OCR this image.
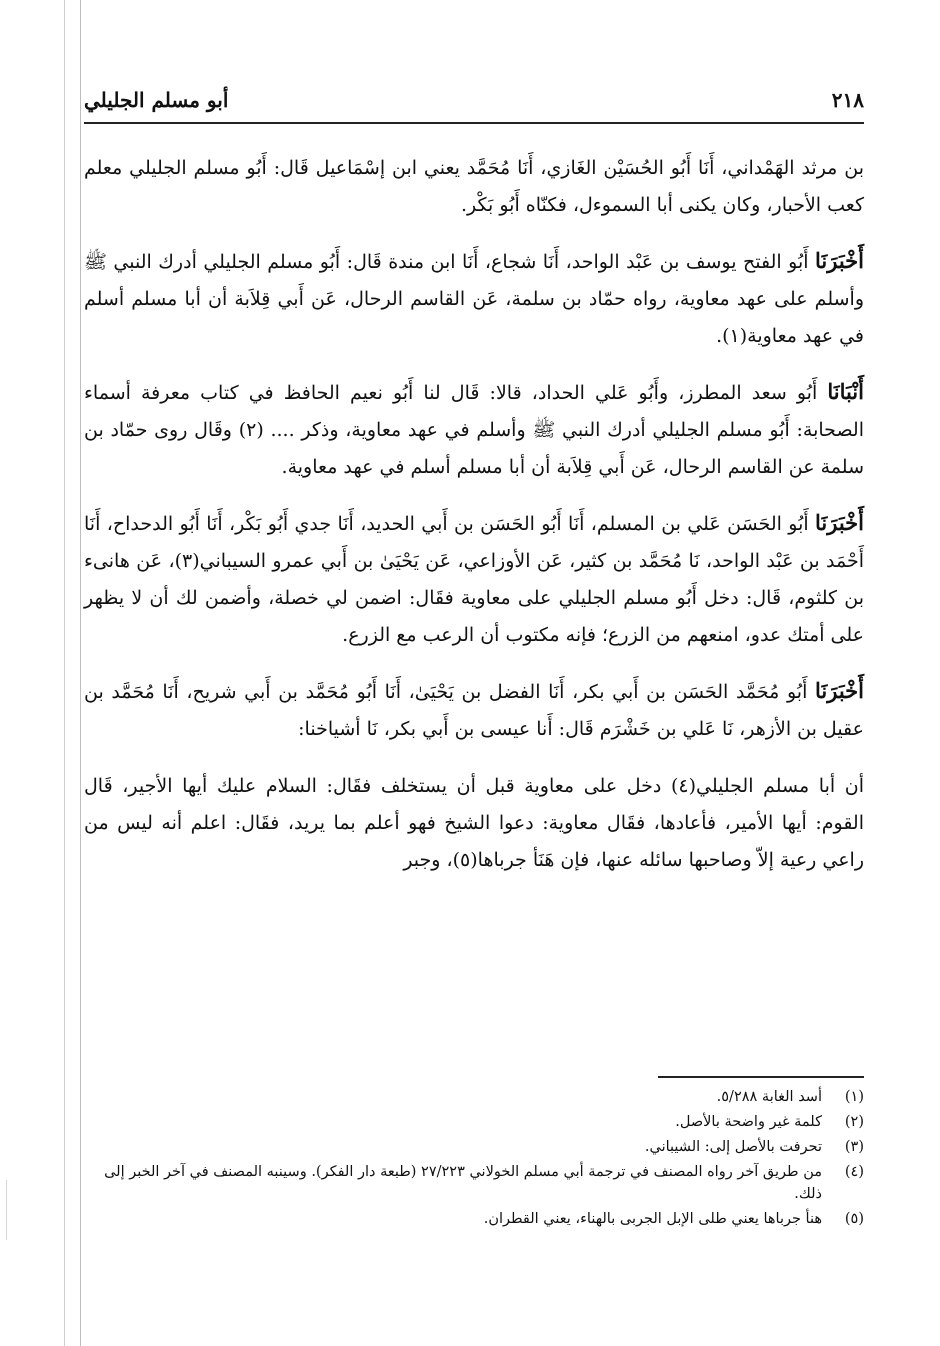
٢١٨
أبو مسلم الجليلي

بن مرثد الهَمْداني، أَنَا أَبُو الحُسَيْن الغَازي، أَنَا مُحَمَّد يعني ابن إسْمَاعيل قَال: أَبُو مسلم الجليلي معلم كعب الأحبار، وكان يكنى أبا السموءل، فكنّاه أَبُو بَكْر.

أَخْبَرَنَا أَبُو الفتح يوسف بن عَبْد الواحد، أَنَا شجاع، أَنَا ابن مندة قَال: أَبُو مسلم الجليلي أدرك النبي ﷺ وأسلم على عهد معاوية، رواه حمّاد بن سلمة، عَن القاسم الرحال، عَن أَبي قِلاَبة أن أبا مسلم أسلم في عهد معاوية(١).

أَنْبَانَا أَبُو سعد المطرز، وأَبُو عَلي الحداد، قالا: قَال لنا أَبُو نعيم الحافظ في كتاب معرفة أسماء الصحابة: أَبُو مسلم الجليلي أدرك النبي ﷺ وأسلم في عهد معاوية، وذكر .... (٢) وقَال روى حمّاد بن سلمة عن القاسم الرحال، عَن أَبي قِلاَبة أن أبا مسلم أسلم في عهد معاوية.

أَخْبَرَنَا أَبُو الحَسَن عَلي بن المسلم، أَنَا أَبُو الحَسَن بن أَبي الحديد، أَنَا جدي أَبُو بَكْر، أَنَا أَبُو الدحداح، أَنَا أَحْمَد بن عَبْد الواحد، نَا مُحَمَّد بن كثير، عَن الأوزاعي، عَن يَحْيَىٰ بن أَبي عمرو السيباني(٣)، عَن هانىء بن كلثوم، قَال: دخل أَبُو مسلم الجليلي على معاوية فقَال: اضمن لي خصلة، وأضمن لك أن لا يظهر على أمتك عدو، امنعهم من الزرع؛ فإنه مكتوب أن الرعب مع الزرع.

أَخْبَرَنَا أَبُو مُحَمَّد الحَسَن بن أَبي بكر، أَنَا الفضل بن يَحْيَىٰ، أَنَا أَبُو مُحَمَّد بن أَبي شريح، أَنَا مُحَمَّد بن عقيل بن الأزهر، نَا عَلي بن خَشْرَم قَال: أَنا عيسى بن أَبي بكر، نَا أشياخنا:

أن أبا مسلم الجليلي(٤) دخل على معاوية قبل أن يستخلف فقَال: السلام عليك أيها الأجير، قَال القوم: أيها الأمير، فأعادها، فقَال معاوية: دعوا الشيخ فهو أعلم بما يريد، فقَال: اعلم أنه ليس من راعي رعية إلاّ وصاحبها سائله عنها، فإن هَنَأ جرباها(٥)، وجبر

(١)
أسد الغابة ٥/٢٨٨.
(٢)
كلمة غير واضحة بالأصل.
(٣)
تحرفت بالأصل إلى: الشيباني.
(٤)
من طريق آخر رواه المصنف في ترجمة أبي مسلم الخولاني ٢٧/٢٢٣ (طبعة دار الفكر). وسينبه المصنف في آخر الخبر إلى ذلك.
(٥)
هنأ جرباها يعني طلى الإبل الجربى بالهناء، يعني القطران.
